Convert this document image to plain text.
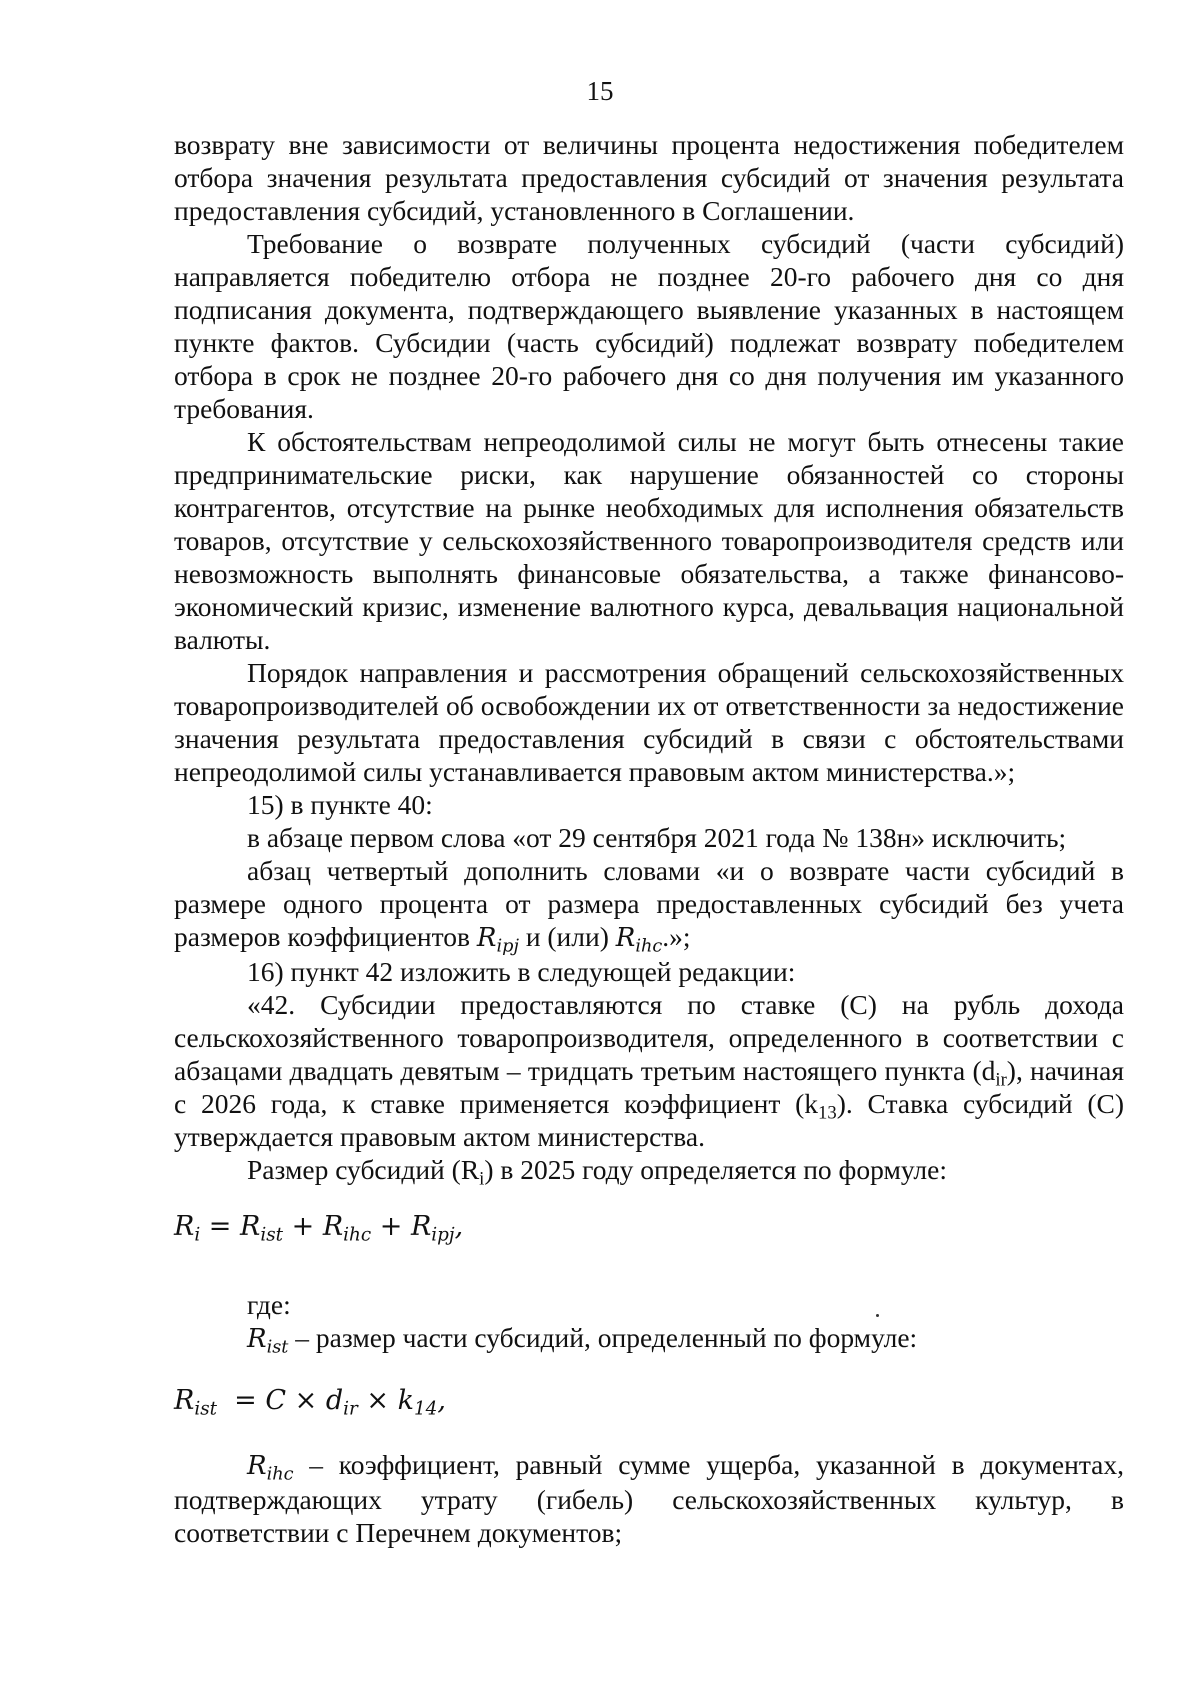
15

возврату вне зависимости от величины процента недостижения победителем отбора значения результата предоставления субсидий от значения результата предоставления субсидий, установленного в Соглашении.

Требование о возврате полученных субсидий (части субсидий) направляется победителю отбора не позднее 20-го рабочего дня со дня подписания документа, подтверждающего выявление указанных в настоящем пункте фактов. Субсидии (часть субсидий) подлежат возврату победителем отбора в срок не позднее 20-го рабочего дня со дня получения им указанного требования.

К обстоятельствам непреодолимой силы не могут быть отнесены такие предпринимательские риски, как нарушение обязанностей со стороны контрагентов, отсутствие на рынке необходимых для исполнения обязательств товаров, отсутствие у сельскохозяйственного товаропроизводителя средств или невозможность выполнять финансовые обязательства, а также финансово-экономический кризис, изменение валютного курса, девальвация национальной валюты.

Порядок направления и рассмотрения обращений сельскохозяйственных товаропроизводителей об освобождении их от ответственности за недостижение значения результата предоставления субсидий в связи с обстоятельствами непреодолимой силы устанавливается правовым актом министерства.»;

15) в пункте 40:

в абзаце первом слова «от 29 сентября 2021 года № 138н» исключить;

абзац четвертый дополнить словами «и о возврате части субсидий в размере одного процента от размера предоставленных субсидий без учета размеров коэффициентов $R_{ipj}$ и (или) $R_{ihc}$.»;

16) пункт 42 изложить в следующей редакции:

«42. Субсидии предоставляются по ставке (С) на рубль дохода сельскохозяйственного товаропроизводителя, определенного в соответствии с абзацами двадцать девятым – тридцать третьим настоящего пункта $(d_{ir})$, начиная с 2026 года, к ставке применяется коэффициент $(k_{13})$. Ставка субсидий (С) утверждается правовым актом министерства.

Размер субсидий $(R_i)$ в 2025 году определяется по формуле:

$R_i = R_{ist} + R_{ihc} + R_{ipj}$,

где:

$R_{ist}$ – размер части субсидий, определенный по формуле:

$R_{ist} = C \times d_{ir} \times k_{14}$,

$R_{ihc}$ – коэффициент, равный сумме ущерба, указанной в документах, подтверждающих утрату (гибель) сельскохозяйственных культур, в соответствии с Перечнем документов;
